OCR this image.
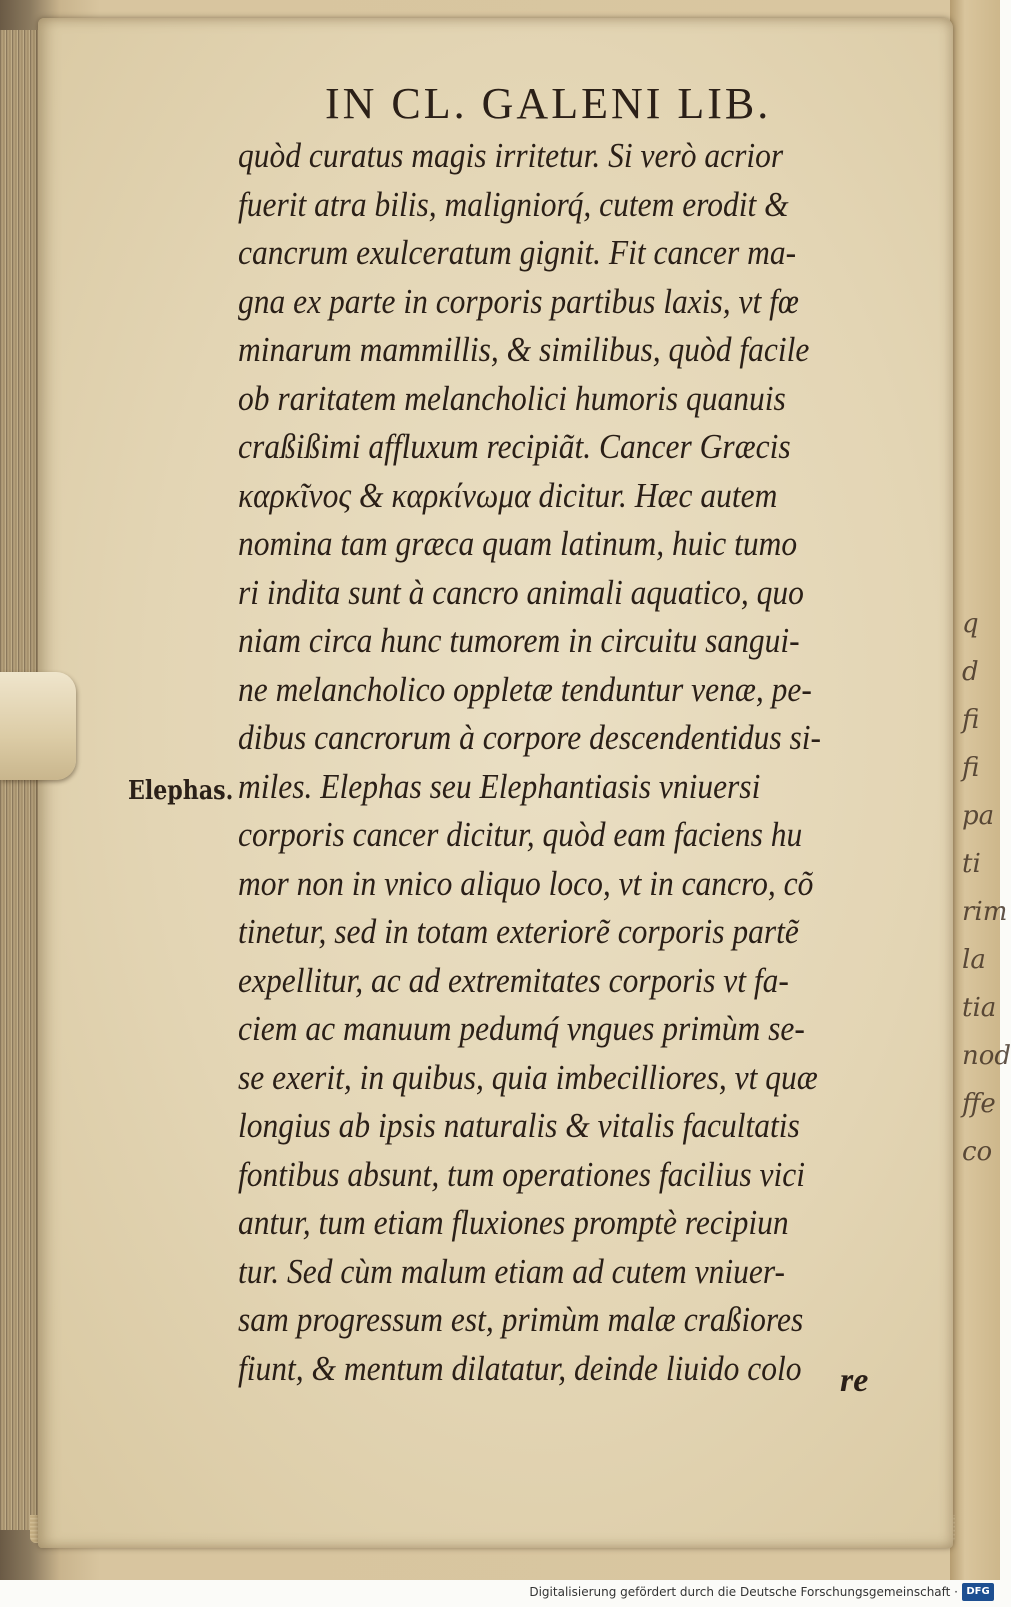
q
d
fi
fi
pa
ti
rim
la
tia
nod
ffe
co
IN CL. GALENI LIB.
Elephas.
quòd curatus magis irritetur. Si verò acrior
fuerit atra bilis, maligniorq́, cutem erodit &
cancrum exulceratum gignit. Fit cancer ma-
gna ex parte in corporis partibus laxis, vt fœ
minarum mammillis, & similibus, quòd facile
ob raritatem melancholici humoris quanuis
craßißimi affluxum recipiãt. Cancer Græcis
καρκῖνος & καρκίνωμα dicitur. Hæc autem
nomina tam græca quam latinum, huic tumo
ri indita sunt à cancro animali aquatico, quo
niam circa hunc tumorem in circuitu sangui-
ne melancholico oppletæ tenduntur venæ, pe-
dibus cancrorum à corpore descendentidus si-
miles. Elephas seu Elephantiasis vniuersi
corporis cancer dicitur, quòd eam faciens hu
mor non in vnico aliquo loco, vt in cancro, cõ
tinetur, sed in totam exteriorẽ corporis partẽ
expellitur, ac ad extremitates corporis vt fa-
ciem ac manuum pedumq́ vngues primùm se-
se exerit, in quibus, quia imbecilliores, vt quæ
longius ab ipsis naturalis & vitalis facultatis
fontibus absunt, tum operationes facilius vici
antur, tum etiam fluxiones promptè recipiun
tur. Sed cùm malum etiam ad cutem vniuer-
sam progressum est, primùm malæ craßiores
fiunt, & mentum dilatatur, deinde liuido colo	re
Digitalisierung gefördert durch die Deutsche Forschungsgemeinschaft · DFG
